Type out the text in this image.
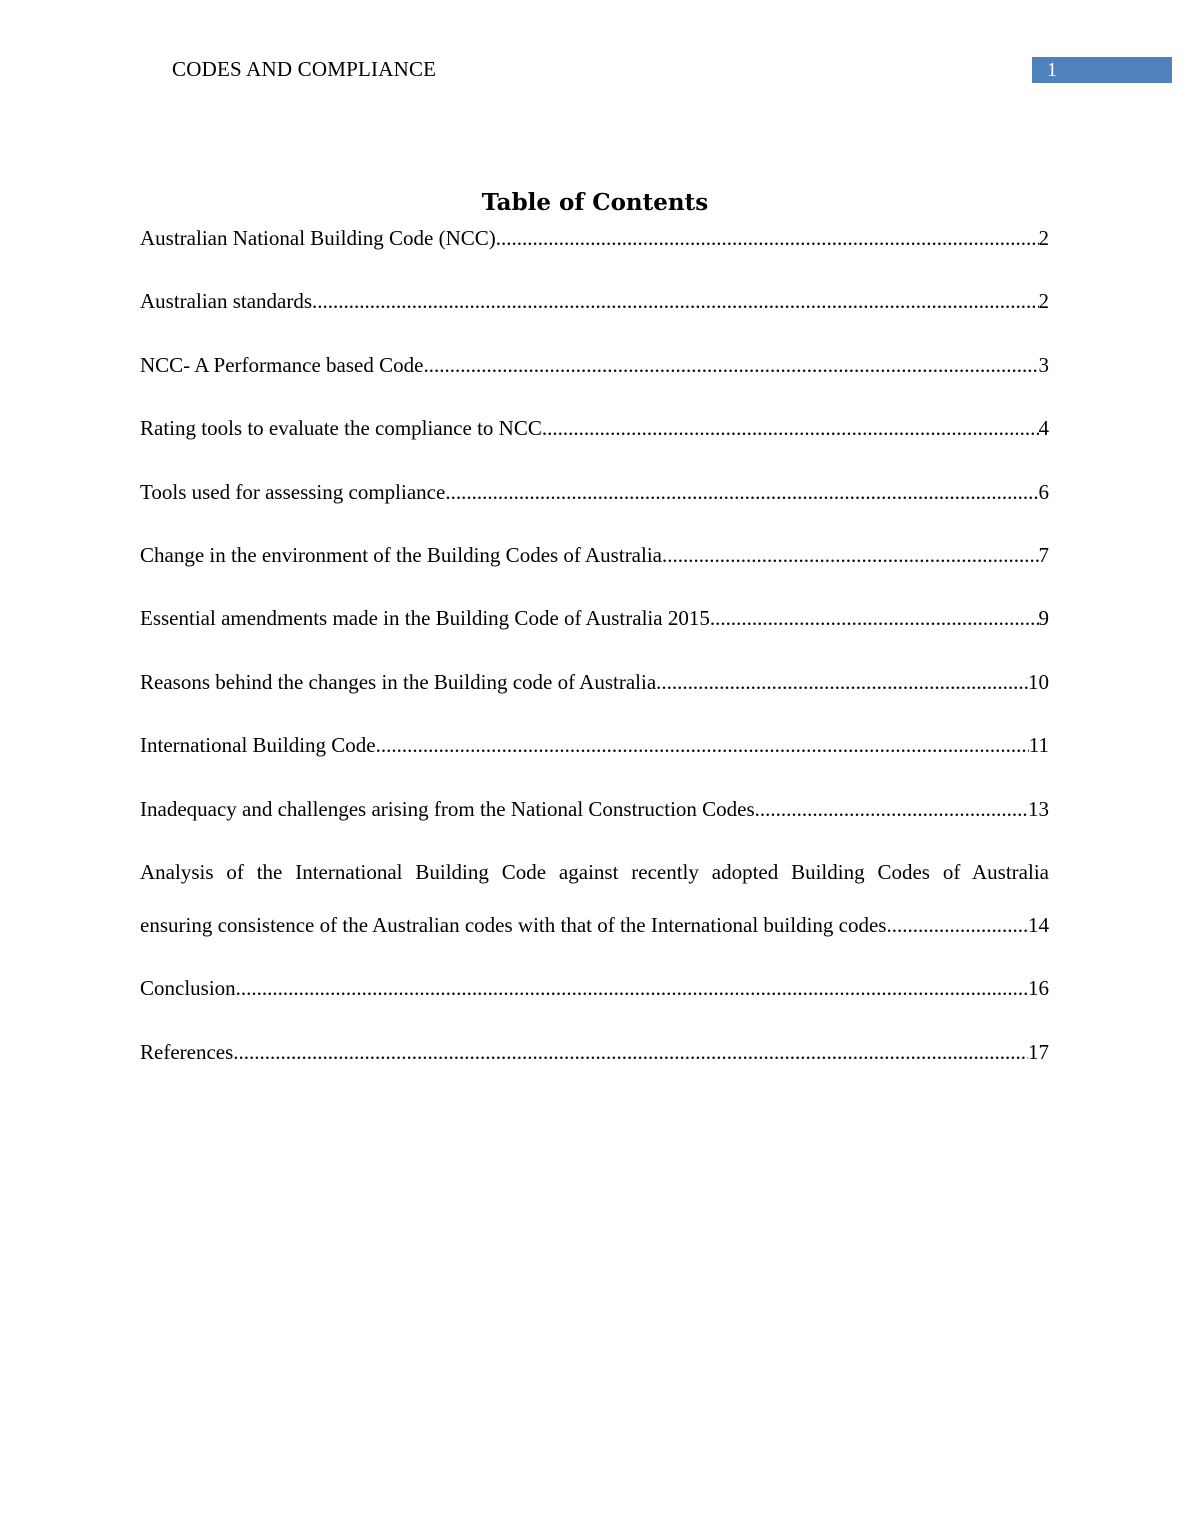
CODES AND COMPLIANCE	1
Table of Contents
Australian National Building Code (NCC) .....	2
Australian standards .....	2
NCC- A Performance based Code .....	3
Rating tools to evaluate the compliance to NCC .....	4
Tools used for assessing compliance .....	6
Change in the environment of the Building Codes of Australia .....	7
Essential amendments made in the Building Code of Australia 2015 .....	9
Reasons behind the changes in the Building code of Australia .....	10
International Building Code .....	11
Inadequacy and challenges arising from the National Construction Codes .....	13
Analysis of the International Building Code against recently adopted Building Codes of Australia
ensuring consistence of the Australian codes with that of the International building codes .....	14
Conclusion .....	16
References .....	17
